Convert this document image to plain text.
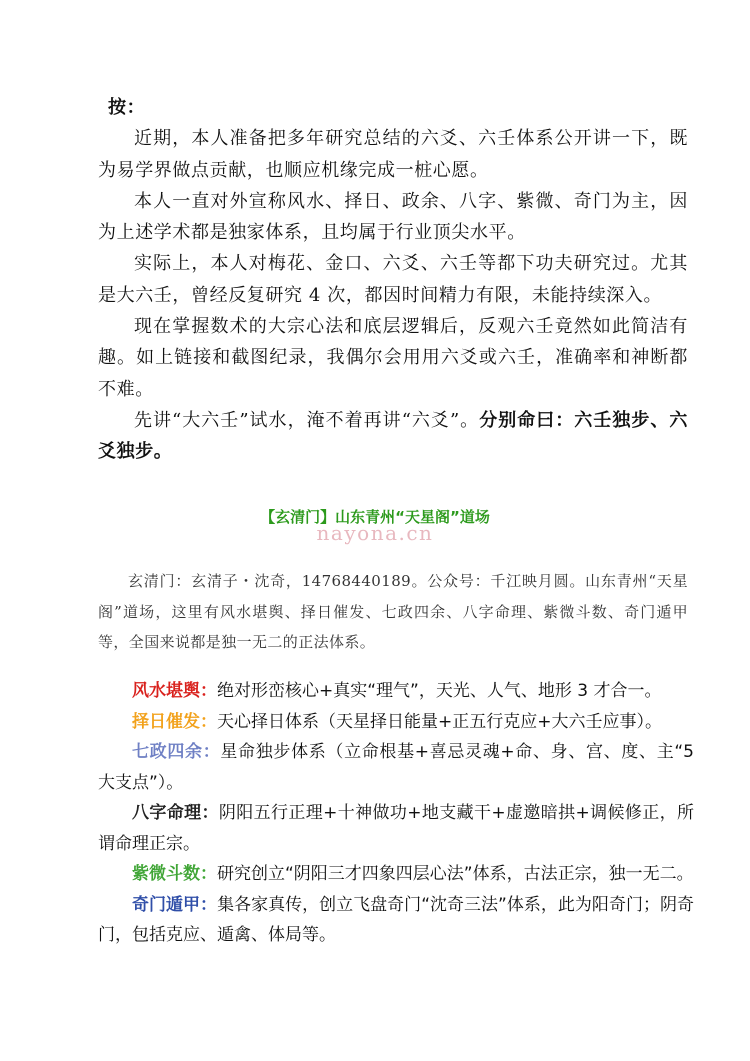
按：

近期，本人准备把多年研究总结的六爻、六壬体系公开讲一下，既为易学界做点贡献，也顺应机缘完成一桩心愿。

本人一直对外宣称风水、择日、政余、八字、紫微、奇门为主，因为上述学术都是独家体系，且均属于行业顶尖水平。

实际上，本人对梅花、金口、六爻、六壬等都下功夫研究过。尤其是大六壬，曾经反复研究 4 次，都因时间精力有限，未能持续深入。

现在掌握数术的大宗心法和底层逻辑后，反观六壬竟然如此简洁有趣。如上链接和截图纪录，我偶尔会用用六爻或六壬，准确率和神断都不难。

先讲“大六壬”试水，淹不着再讲“六爻”。分别命曰：六壬独步、六爻独步。

【玄清门】山东青州“天星阁”道场
nayona.cn

玄清门：玄清子・沈奇，14768440189。公众号：千江映月圆。山东青州“天星阁”道场，这里有风水堪舆、择日催发、七政四余、八字命理、紫微斗数、奇门遁甲等，全国来说都是独一无二的正法体系。

风水堪舆：绝对形峦核心+真实“理气”，天光、人气、地形 3 才合一。

择日催发：天心择日体系（天星择日能量+正五行克应+大六壬应事）。

七政四余：星命独步体系（立命根基+喜忌灵魂+命、身、宫、度、主“5 大支点”）。

八字命理：阴阳五行正理+十神做功+地支藏干+虚邀暗拱+调候修正，所谓命理正宗。

紫微斗数：研究创立“阴阳三才四象四层心法”体系，古法正宗，独一无二。

奇门遁甲：集各家真传，创立飞盘奇门“沈奇三法”体系，此为阳奇门；阴奇门，包括克应、遁禽、体局等。
